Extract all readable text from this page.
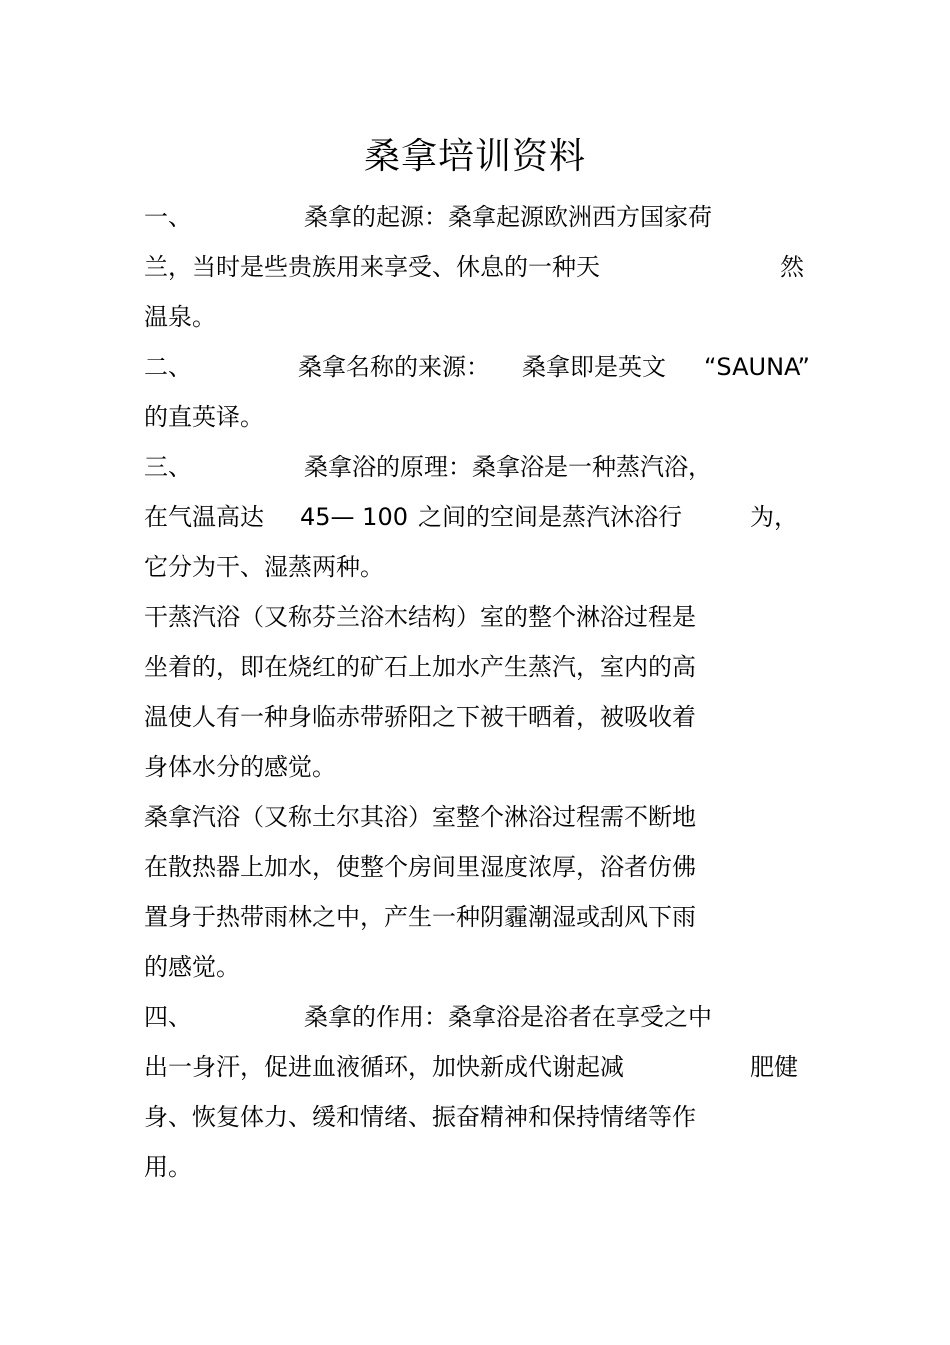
桑拿培训资料
一、	桑拿的起源：桑拿起源欧洲西方国家荷
兰，当时是些贵族用来享受、休息的一种天	然
温泉。
二、	桑拿名称的来源： 桑拿即是英文 “SAUNA”
的直英译。
三、	桑拿浴的原理：桑拿浴是一种蒸汽浴，
在气温高达 45— 100 之间的空间是蒸汽沐浴行	为，
它分为干、湿蒸两种。
干蒸汽浴（又称芬兰浴木结构）室的整个淋浴过程是
坐着的，即在烧红的矿石上加水产生蒸汽，室内的高
温使人有一种身临赤带骄阳之下被干晒着，被吸收着
身体水分的感觉。
桑拿汽浴（又称土尔其浴）室整个淋浴过程需不断地
在散热器上加水，使整个房间里湿度浓厚，浴者仿佛
置身于热带雨林之中，产生一种阴霾潮湿或刮风下雨
的感觉。
四、	桑拿的作用：桑拿浴是浴者在享受之中
出一身汗，促进血液循环，加快新成代谢起减	肥健
身、恢复体力、缓和情绪、振奋精神和保持情绪等作
用。
